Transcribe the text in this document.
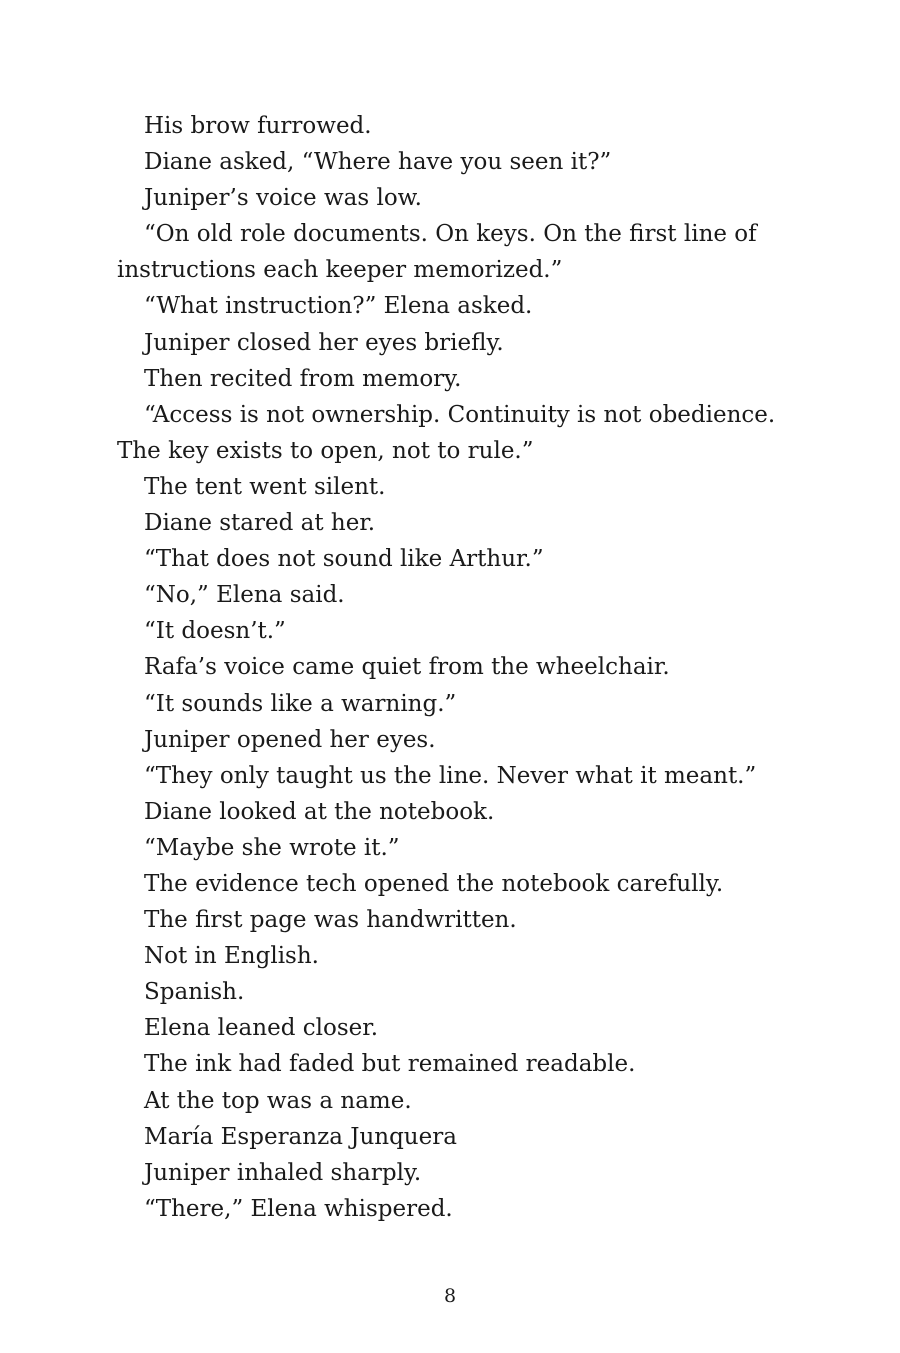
His brow furrowed.

Diane asked, “Where have you seen it?”

Juniper’s voice was low.

“On old role documents. On keys. On the first line of instructions each keeper memorized.”

“What instruction?” Elena asked.

Juniper closed her eyes briefly.

Then recited from memory.

“Access is not ownership. Continuity is not obedience. The key exists to open, not to rule.”

The tent went silent.

Diane stared at her.

“That does not sound like Arthur.”

“No,” Elena said.

“It doesn’t.”

Rafa’s voice came quiet from the wheelchair.

“It sounds like a warning.”

Juniper opened her eyes.

“They only taught us the line. Never what it meant.”

Diane looked at the notebook.

“Maybe she wrote it.”

The evidence tech opened the notebook carefully.

The first page was handwritten.

Not in English.

Spanish.

Elena leaned closer.

The ink had faded but remained readable.

At the top was a name.

María Esperanza Junquera

Juniper inhaled sharply.

“There,” Elena whispered.

8
